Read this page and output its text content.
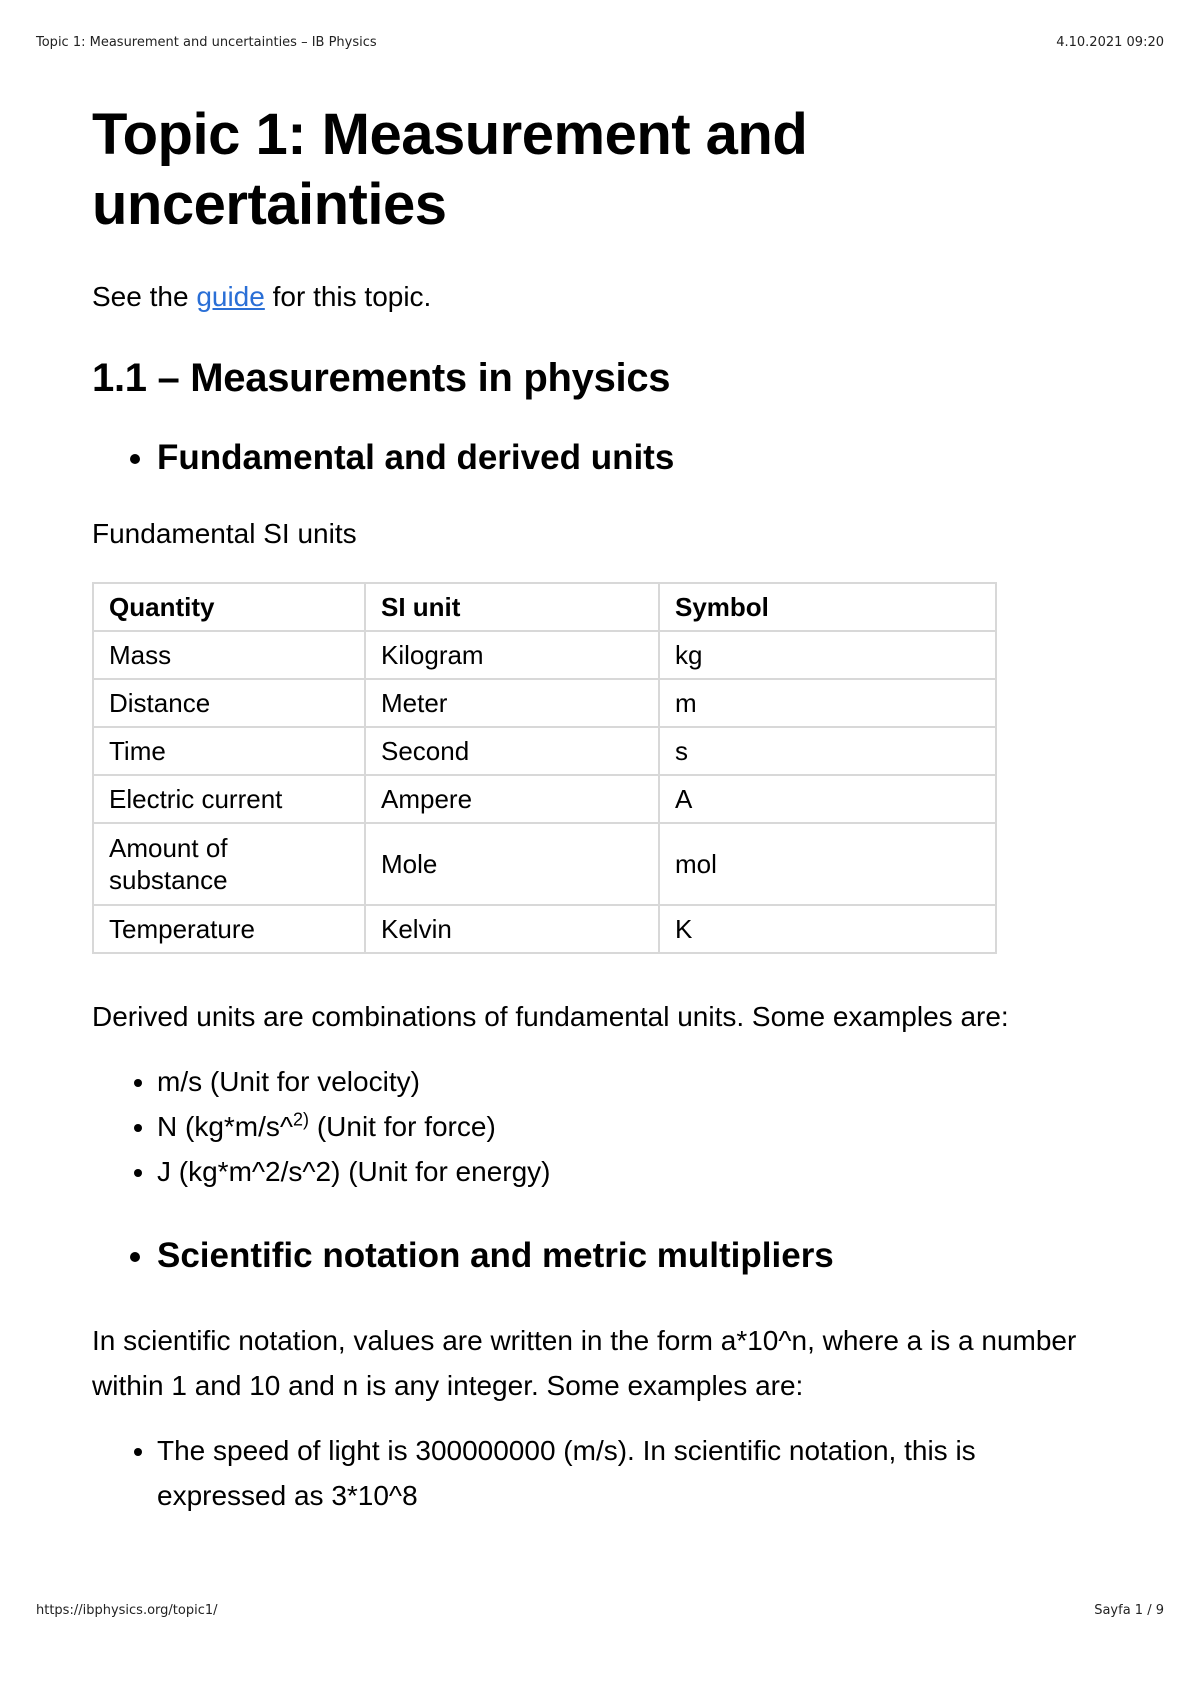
Topic 1: Measurement and uncertainties – IB Physics	4.10.2021 09:20
Topic 1: Measurement and uncertainties

See the guide for this topic.

1.1 – Measurements in physics
• Fundamental and derived units

Fundamental SI units

Quantity	SI unit	Symbol
Mass	Kilogram	kg
Distance	Meter	m
Time	Second	s
Electric current	Ampere	A
Amount of substance	Mole	mol
Temperature	Kelvin	K

Derived units are combinations of fundamental units. Some examples are:

• m/s (Unit for velocity)
• N (kg*m/s^$^{2)}$ (Unit for force)
• J (kg*m^2/s^2) (Unit for energy)
• Scientific notation and metric multipliers

In scientific notation, values are written in the form a*10^n, where a is a number within 1 and 10 and n is any integer. Some examples are:

• The speed of light is 300000000 (m/s). In scientific notation, this is expressed as 3*10^8
https://ibphysics.org/topic1/	Sayfa 1 / 9
